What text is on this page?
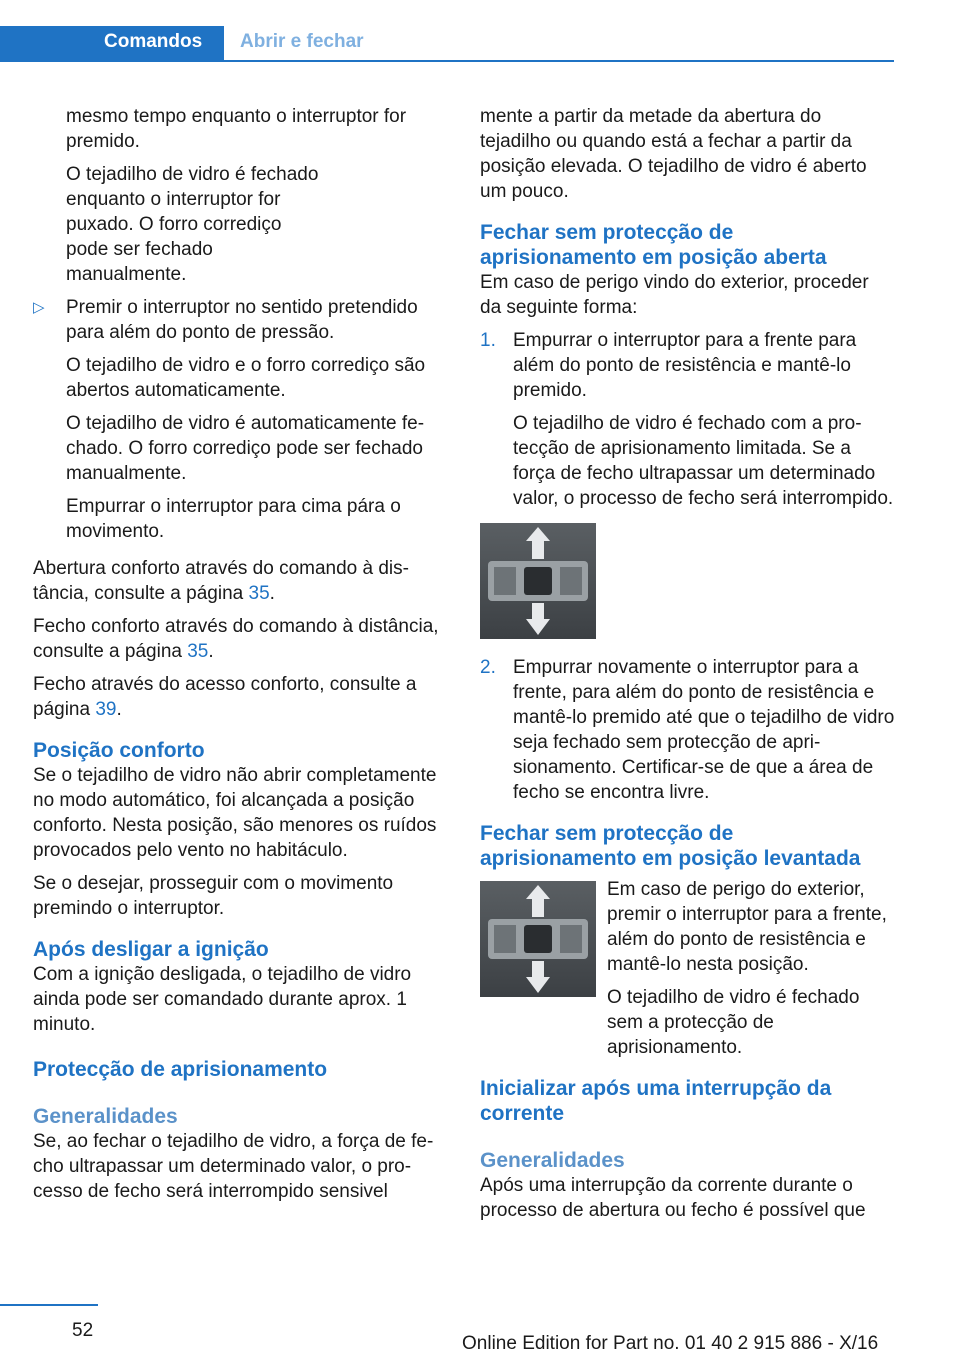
Comandos Abrir e fechar

mesmo tempo enquanto o interruptor for premido.

O tejadilho de vidro é fechado enquanto o interruptor for puxado. O forro corrediço pode ser fechado manualmente.

▷ Premir o interruptor no sentido pretendido para além do ponto de pressão.

O tejadilho de vidro e o forro corrediço são abertos automaticamente.

O tejadilho de vidro é automaticamente fechado. O forro corrediço pode ser fechado manualmente.

Empurrar o interruptor para cima pára o movimento.

Abertura conforto através do comando à distância, consulte a página 35.

Fecho conforto através do comando à distância, consulte a página 35.

Fecho através do acesso conforto, consulte a página 39.

Posição conforto

Se o tejadilho de vidro não abrir completamente no modo automático, foi alcançada a posição conforto. Nesta posição, são menores os ruídos provocados pelo vento no habitáculo.

Se o desejar, prosseguir com o movimento premindo o interruptor.

Após desligar a ignição

Com a ignição desligada, o tejadilho de vidro ainda pode ser comandado durante aprox. 1 minuto.

Protecção de aprisionamento
Generalidades

Se, ao fechar o tejadilho de vidro, a força de fecho ultrapassar um determinado valor, o processo de fecho será interrompido sensivel

mente a partir da metade da abertura do tejadilho ou quando está a fechar a partir da posição elevada. O tejadilho de vidro é aberto um pouco.

Fechar sem protecção de aprisionamento em posição aberta

Em caso de perigo vindo do exterior, proceder da seguinte forma:

1. Empurrar o interruptor para a frente para além do ponto de resistência e mantê-lo premido.

O tejadilho de vidro é fechado com a protecção de aprisionamento limitada. Se a força de fecho ultrapassar um determinado valor, o processo de fecho será interrompido.

2. Empurrar novamente o interruptor para a frente, para além do ponto de resistência e mantê-lo premido até que o tejadilho de vidro seja fechado sem protecção de aprisionamento. Certificar-se de que a área de fecho se encontra livre.

Fechar sem protecção de aprisionamento em posição levantada

Em caso de perigo do exterior, premir o interruptor para a frente, além do ponto de resistência e mantê-lo nesta posição.

O tejadilho de vidro é fechado sem a protecção de aprisionamento.

Inicializar após uma interrupção da corrente
Generalidades

Após uma interrupção da corrente durante o processo de abertura ou fecho é possível que

52
Online Edition for Part no. 01 40 2 915 886 - X/16
